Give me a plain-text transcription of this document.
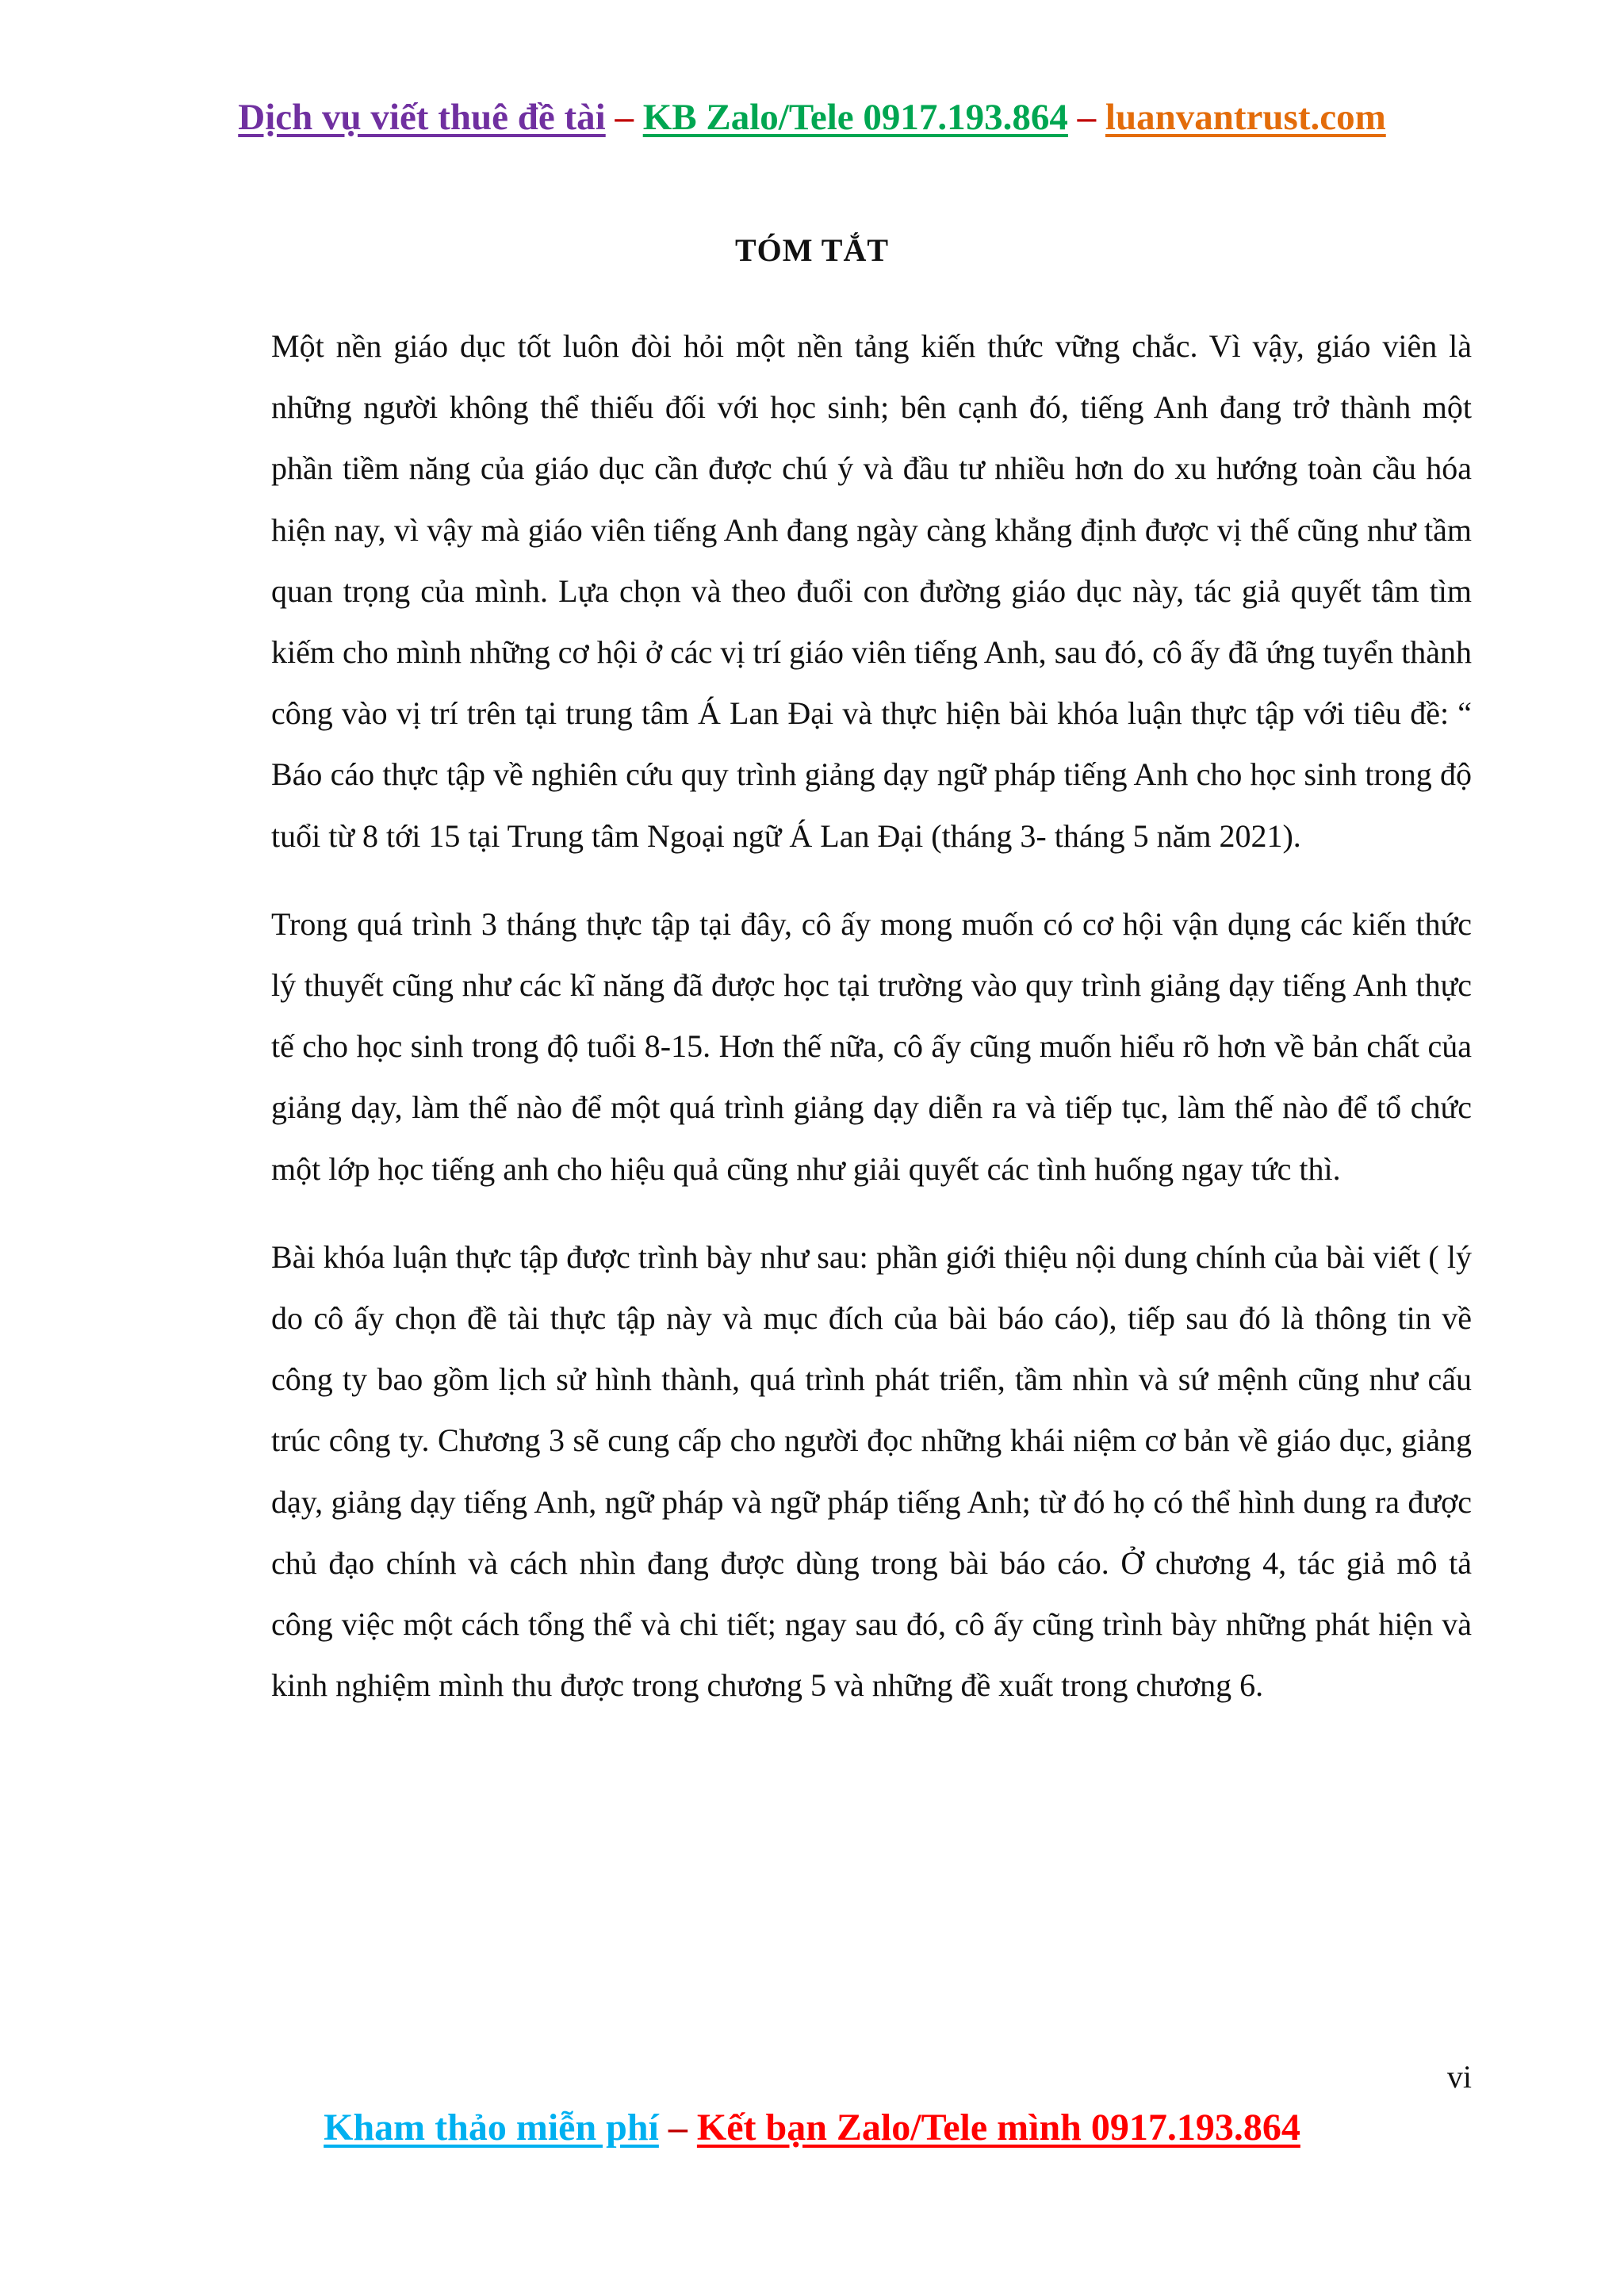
Dịch vụ viết thuê đề tài – KB Zalo/Tele 0917.193.864 – luanvantrust.com
TÓM TẮT

Một nền giáo dục tốt luôn đòi hỏi một nền tảng kiến thức vững chắc. Vì vậy, giáo viên là những người không thể thiếu đối với học sinh; bên cạnh đó, tiếng Anh đang trở thành một phần tiềm năng của giáo dục cần được chú ý và đầu tư nhiều hơn do xu hướng toàn cầu hóa hiện nay, vì vậy mà giáo viên tiếng Anh đang ngày càng khẳng định được vị thế cũng như tầm quan trọng của mình. Lựa chọn và theo đuổi con đường giáo dục này, tác giả quyết tâm tìm kiếm cho mình những cơ hội ở các vị trí giáo viên tiếng Anh, sau đó, cô ấy đã ứng tuyển thành công vào vị trí trên tại trung tâm Á Lan Đại và thực hiện bài khóa luận thực tập với tiêu đề: “ Báo cáo thực tập về nghiên cứu quy trình giảng dạy ngữ pháp tiếng Anh cho học sinh trong độ tuổi từ 8 tới 15 tại Trung tâm Ngoại ngữ Á Lan Đại (tháng 3- tháng 5 năm 2021).

Trong quá trình 3 tháng thực tập tại đây, cô ấy mong muốn có cơ hội vận dụng các kiến thức lý thuyết cũng như các kĩ năng đã được học tại trường vào quy trình giảng dạy tiếng Anh thực tế cho học sinh trong độ tuổi 8-15. Hơn thế nữa, cô ấy cũng muốn hiểu rõ hơn về bản chất của giảng dạy, làm thế nào để một quá trình giảng dạy diễn ra và tiếp tục, làm thế nào để tổ chức một lớp học tiếng anh cho hiệu quả cũng như giải quyết các tình huống ngay tức thì.

Bài khóa luận thực tập được trình bày như sau: phần giới thiệu nội dung chính của bài viết ( lý do cô ấy chọn đề tài thực tập này và mục đích của bài báo cáo), tiếp sau đó là thông tin về công ty bao gồm lịch sử hình thành, quá trình phát triển, tầm nhìn và sứ mệnh cũng như cấu trúc công ty. Chương 3 sẽ cung cấp cho người đọc những khái niệm cơ bản về giáo dục, giảng dạy, giảng dạy tiếng Anh, ngữ pháp và ngữ pháp tiếng Anh; từ đó họ có thể hình dung ra được chủ đạo chính và cách nhìn đang được dùng trong bài báo cáo. Ở chương 4, tác giả mô tả công việc một cách tổng thể và chi tiết; ngay sau đó, cô ấy cũng trình bày những phát hiện và kinh nghiệm mình thu được trong chương 5 và những đề xuất trong chương 6.

vi
Kham thảo miễn phí – Kết bạn Zalo/Tele mình 0917.193.864
